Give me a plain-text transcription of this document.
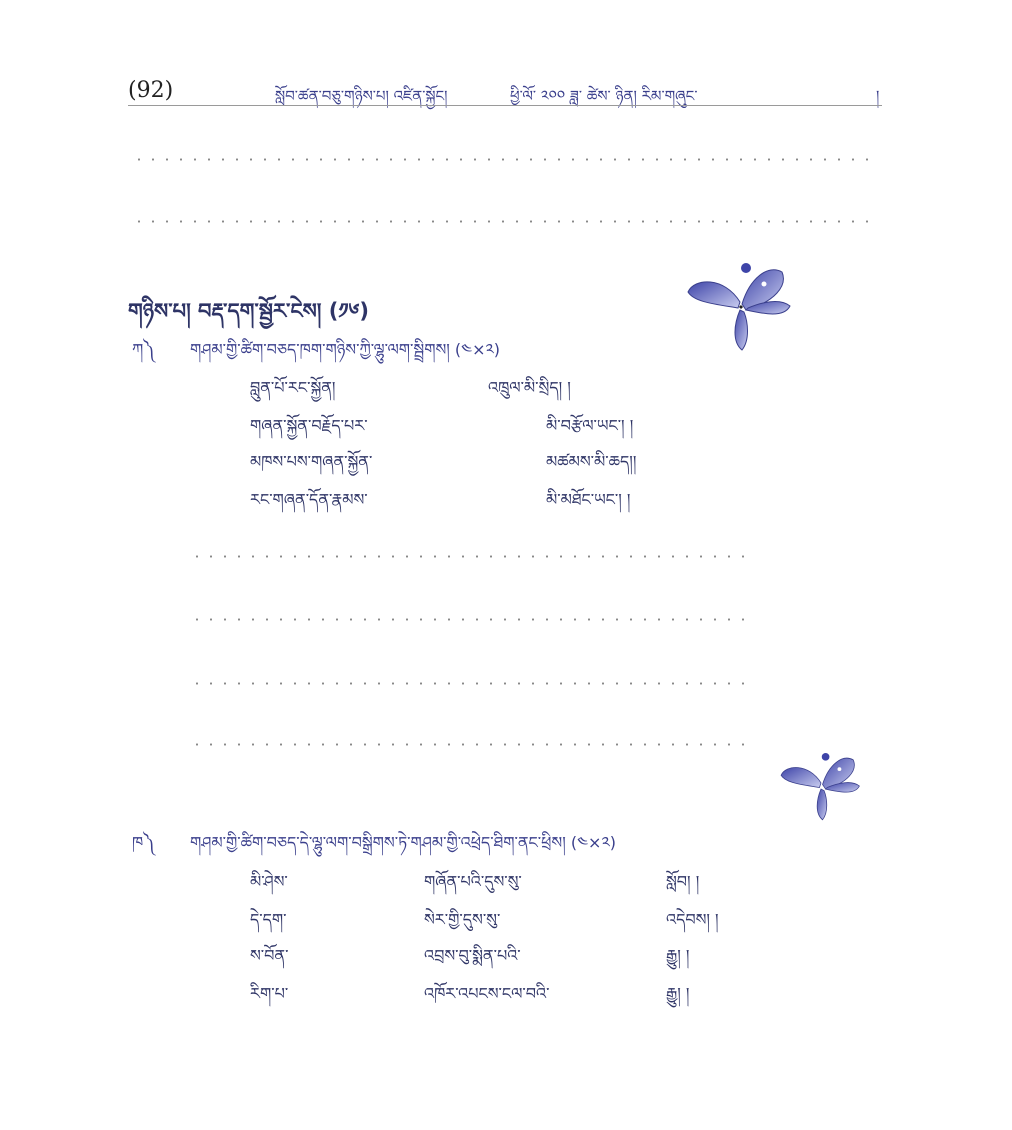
(92)	སློབ་ཚན་བཅུ་གཉིས་པ། འཛིན་སྐྱོང།	ཕྱི་ལོ་ ༢༠༠ ཟླ་ ཚེས་ ཉིན། རིམ་གཞུང་	།
གཉིས་པ། བརྡ་དག་སྦྱོར་ངེས། (༡༦)
ཀ༽ གཤམ་གྱི་ཚིག་བཅད་ཁག་གཉིས་ཀྱི་ལྷུ་ལག་སྦྲིགས། (༤×༢)
བླུན་པོ་རང་སྐྱོན།	འཁྲུལ་མི་སྲིད། །
གཞན་སྐྱོན་བརྗོད་པར་	མི་བརྩོལ་ཡང་། །
མཁས་པས་གཞན་སྐྱོན་	མཚམས་མི་ཆད།།
རང་གཞན་དོན་རྣམས་	མི་མཐོང་ཡང་། །
ཁ༽ གཤམ་གྱི་ཚིག་བཅད་དེ་ལྷུ་ལག་བསྒྲིགས་ཏེ་གཤམ་གྱི་འཕྲེད་ཐིག་ནང་ཕྲིས། (༤×༢)
མི་ཤེས་	གཞོན་པའི་དུས་སུ་	སློབ། །
དེ་དག་	སེར་གྱི་དུས་སུ་	འདེབས། །
ས་བོན་	འབྲས་བུ་སྨིན་པའི་	རྒྱུ། །
རིག་པ་	འཁོར་འཔངས་ངལ་བའི་	རྒྱུ། །
